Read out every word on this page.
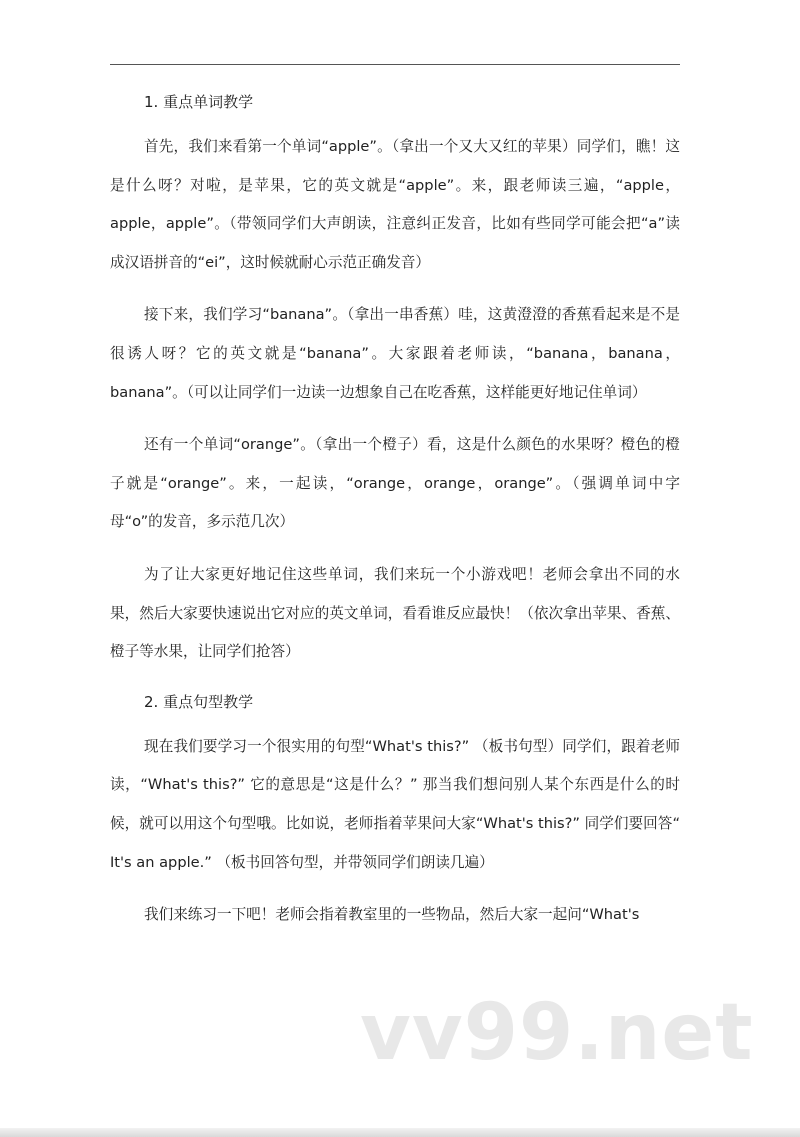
1. 重点单词教学

首先，我们来看第一个单词“apple”。（拿出一个又大又红的苹果）同学们，瞧！这是什么呀？对啦，是苹果，它的英文就是“apple”。来，跟老师读三遍，“apple，apple，apple”。（带领同学们大声朗读，注意纠正发音，比如有些同学可能会把“a”读成汉语拼音的“ei”，这时候就耐心示范正确发音）

接下来，我们学习“banana”。（拿出一串香蕉）哇，这黄澄澄的香蕉看起来是不是很诱人呀？它的英文就是“banana”。大家跟着老师读，“banana，banana，banana”。（可以让同学们一边读一边想象自己在吃香蕉，这样能更好地记住单词）

还有一个单词“orange”。（拿出一个橙子）看，这是什么颜色的水果呀？橙色的橙子就是“orange”。来，一起读，“orange，orange，orange”。（强调单词中字母“o”的发音，多示范几次）

为了让大家更好地记住这些单词，我们来玩一个小游戏吧！老师会拿出不同的水果，然后大家要快速说出它对应的英文单词，看看谁反应最快！（依次拿出苹果、香蕉、橙子等水果，让同学们抢答）

2. 重点句型教学

现在我们要学习一个很实用的句型“What's this?” （板书句型）同学们，跟着老师读，“What's this?” 它的意思是“这是什么？” 那当我们想问别人某个东西是什么的时候，就可以用这个句型哦。比如说，老师指着苹果问大家“What's this?” 同学们要回答“ It's an apple.” （板书回答句型，并带领同学们朗读几遍）

我们来练习一下吧！老师会指着教室里的一些物品，然后大家一起问“What's

vv99.net
